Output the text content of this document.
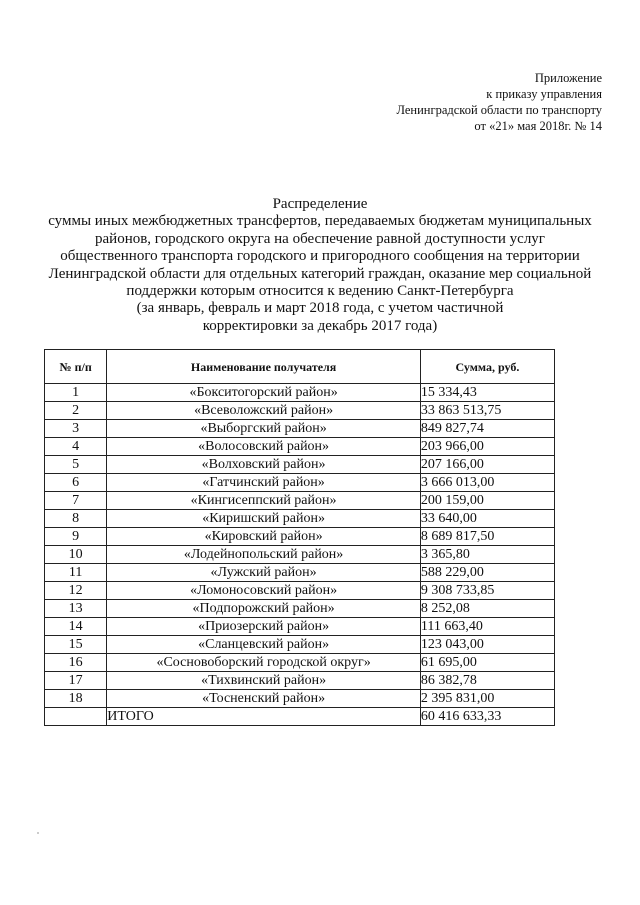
Приложение
к приказу управления
Ленинградской области по транспорту
от «21» мая 2018г. № 14
Распределение
суммы иных межбюджетных трансфертов, передаваемых бюджетам муниципальных
районов, городского округа на обеспечение равной доступности услуг
общественного транспорта городского и пригородного сообщения на территории
Ленинградской области для отдельных категорий граждан, оказание мер социальной
поддержки которым относится к ведению Санкт-Петербурга
(за январь, февраль и март 2018 года, с учетом частичной
корректировки за декабрь 2017 года)
№ п/п	Наименование получателя	Сумма, руб.
1	«Бокситогорский район»	15 334,43
2	«Всеволожский район»	33 863 513,75
3	«Выборгский район»	849 827,74
4	«Волосовский район»	203 966,00
5	«Волховский район»	207 166,00
6	«Гатчинский район»	3 666 013,00
7	«Кингисеппский район»	200 159,00
8	«Киришский район»	33 640,00
9	«Кировский район»	8 689 817,50
10	«Лодейнопольский район»	3 365,80
11	«Лужский район»	588 229,00
12	«Ломоносовский район»	9 308 733,85
13	«Подпорожский район»	8 252,08
14	«Приозерский район»	111 663,40
15	«Сланцевский район»	123 043,00
16	«Сосновоборский городской округ»	61 695,00
17	«Тихвинский район»	86 382,78
18	«Тосненский район»	2 395 831,00
	ИТОГО	60 416 633,33
